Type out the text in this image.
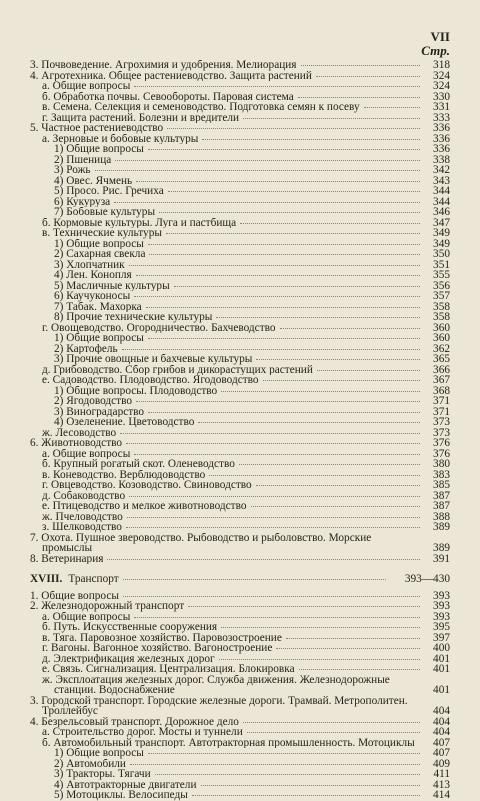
VII
Стр.
3. Почвоведение. Агрохимия и удобрения. Мелиорация	318
4. Агротехника. Общее растениеводство. Защита растений	324
а. Общие вопросы	324
б. Обработка почвы. Севообороты. Паровая система	330
в. Семена. Селекция и семеноводство. Подготовка семян к посеву	331
г. Защита растений. Болезни и вредители	333
5. Частное растениеводство	336
а. Зерновые и бобовые культуры	336
1) Общие вопросы	336
2) Пшеница	338
3) Рожь	342
4) Овес. Ячмень	343
5) Просо. Рис. Гречиха	344
6) Кукуруза	344
7) Бобовые культуры	346
б. Кормовые культуры. Луга и пастбища	347
в. Технические культуры	349
1) Общие вопросы	349
2) Сахарная свекла	350
3) Хлопчатник	351
4) Лен. Конопля	355
5) Масличные культуры	356
6) Каучуконосы	357
7) Табак. Махорка	358
8) Прочие технические культуры	358
г. Овощеводство. Огородничество. Бахчеводство	360
1) Общие вопросы	360
2) Картофель	362
3) Прочие овощные и бахчевые культуры	365
д. Грибоводство. Сбор грибов и дикорастущих растений	366
е. Садоводство. Плодоводство. Ягодоводство	367
1) Общие вопросы. Плодоводство	368
2) Ягодоводство	371
3) Виноградарство	371
4) Озеленение. Цветоводство	373
ж. Лесоводство	373
6. Животноводство	376
а. Общие вопросы	376
б. Крупный рогатый скот. Оленеводство	380
в. Коневодство. Верблюдоводство	383
г. Овцеводство. Козоводство. Свиноводство	385
д. Собаководство	387
е. Птицеводство и мелкое животноводство	387
ж. Пчеловодство	388
з. Шелководство	389
7. Охота. Пушное звероводство. Рыбоводство и рыболовство. Морские промыслы	389
8. Ветеринария	391
XVIII. Транспорт	393—430
1. Общие вопросы	393
2. Железнодорожный транспорт	393
а. Общие вопросы	393
б. Путь. Искусственные сооружения	395
в. Тяга. Паровозное хозяйство. Паровозостроение	397
г. Вагоны. Вагонное хозяйство. Вагоностроение	400
д. Электрификация железных дорог	401
е. Связь. Сигнализация. Централизация. Блокировка	401
ж. Эксплоатация железных дорог. Служба движения. Железнодорожные станции. Водоснабжение	401
3. Городской транспорт. Городские железные дороги. Трамвай. Метрополитен. Троллейбус	404
4. Безрельсовый транспорт. Дорожное дело	404
а. Строительство дорог. Мосты и туннели	404
б. Автомобильный транспорт. Автотракторная промышленность. Мотоциклы	407
1) Общие вопросы	407
2) Автомобили	409
3) Тракторы. Тягачи	411
4) Автотракторные двигатели	413
5) Мотоциклы. Велосипеды	414
